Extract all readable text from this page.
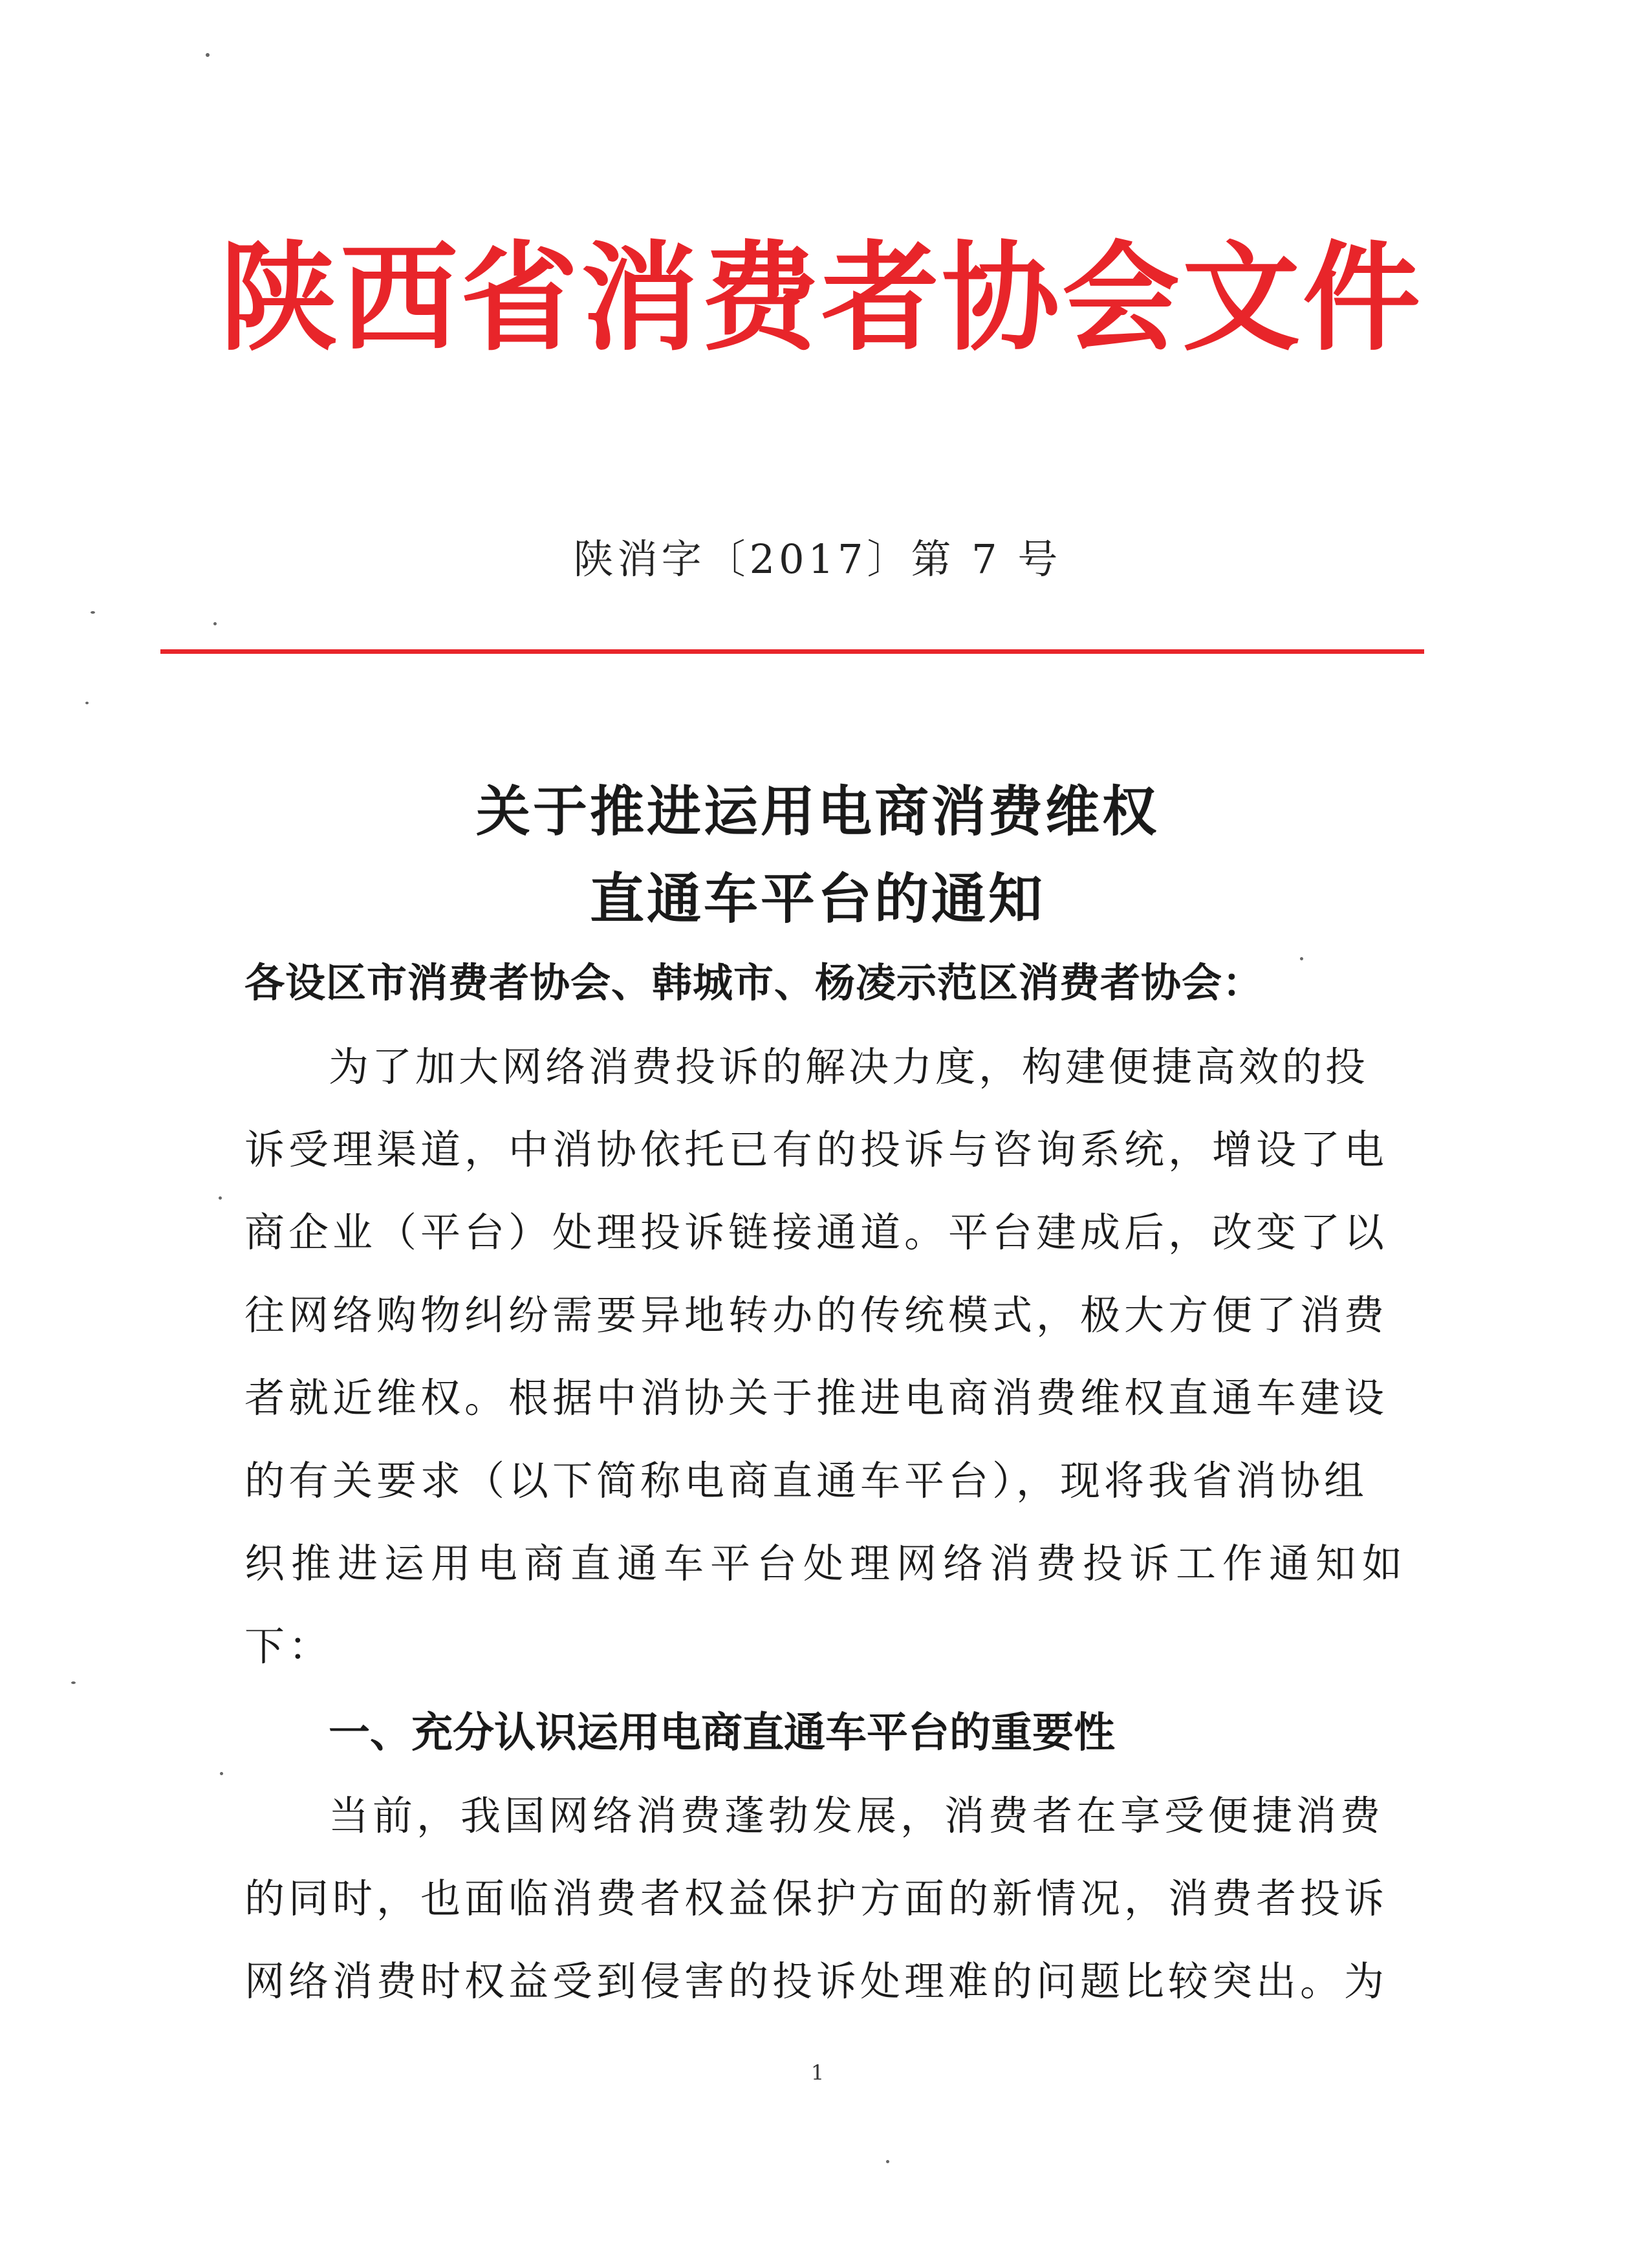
陕西省消费者协会文件
陕消字〔2017〕第 7 号
关于推进运用电商消费维权
直通车平台的通知
各设区市消费者协会、韩城市、杨凌示范区消费者协会：
为了加大网络消费投诉的解决力度，构建便捷高效的投
诉受理渠道，中消协依托已有的投诉与咨询系统，增设了电
商企业（平台）处理投诉链接通道。平台建成后，改变了以
往网络购物纠纷需要异地转办的传统模式，极大方便了消费
者就近维权。根据中消协关于推进电商消费维权直通车建设
的有关要求（以下简称电商直通车平台），现将我省消协组
织推进运用电商直通车平台处理网络消费投诉工作通知如
下：
一、充分认识运用电商直通车平台的重要性
当前，我国网络消费蓬勃发展，消费者在享受便捷消费
的同时，也面临消费者权益保护方面的新情况，消费者投诉
网络消费时权益受到侵害的投诉处理难的问题比较突出。为
1
